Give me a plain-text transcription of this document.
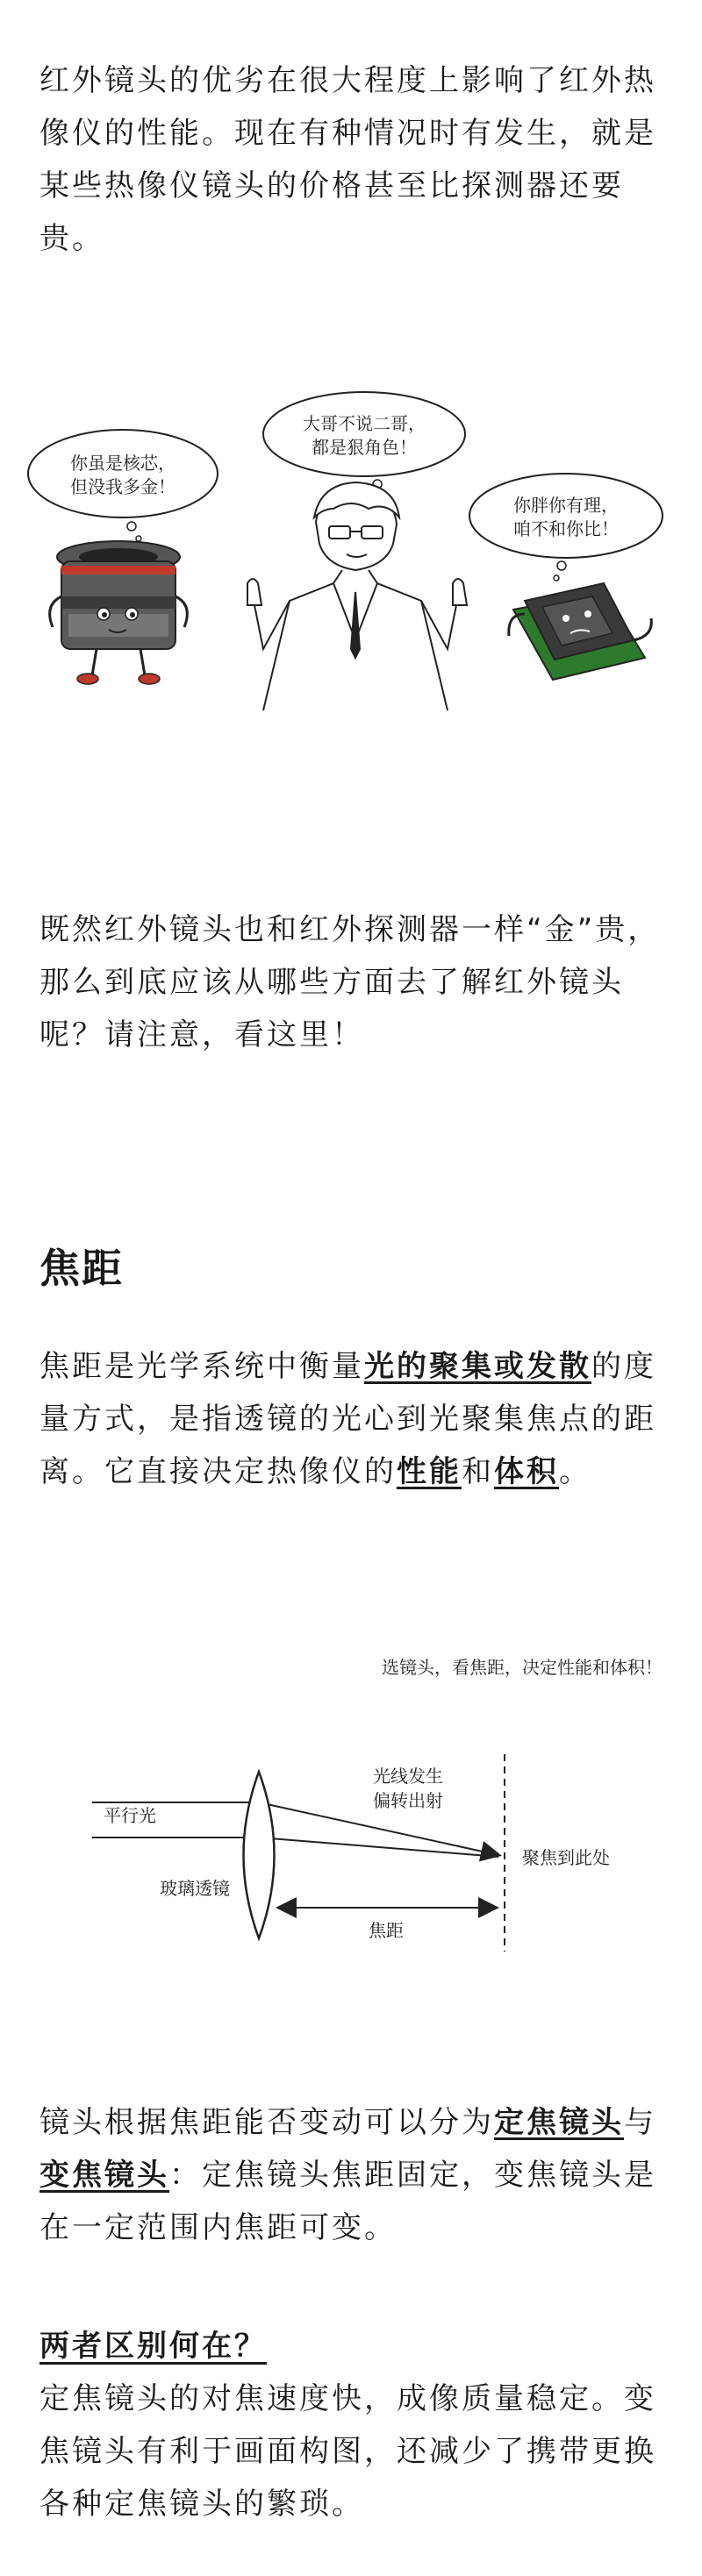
红外镜头的优劣在很大程度上影响了红外热像仪的性能。现在有种情况时有发生，就是某些热像仪镜头的价格甚至比探测器还要贵。

你虽是核芯，
但没我多金！
大哥不说二哥，
都是狠角色！
你胖你有理，
咱不和你比！

既然红外镜头也和红外探测器一样“金”贵，那么到底应该从哪些方面去了解红外镜头呢？请注意，看这里！

焦距

焦距是光学系统中衡量光的聚集或发散的度量方式，是指透镜的光心到光聚集焦点的距离。它直接决定热像仪的性能和体积。

选镜头，看焦距，决定性能和体积！
平行光
光线发生
偏转出射
聚焦到此处
玻璃透镜
焦距

镜头根据焦距能否变动可以分为定焦镜头与变焦镜头：定焦镜头焦距固定，变焦镜头是在一定范围内焦距可变。

两者区别何在？
定焦镜头的对焦速度快，成像质量稳定。变焦镜头有利于画面构图，还减少了携带更换各种定焦镜头的繁琐。
